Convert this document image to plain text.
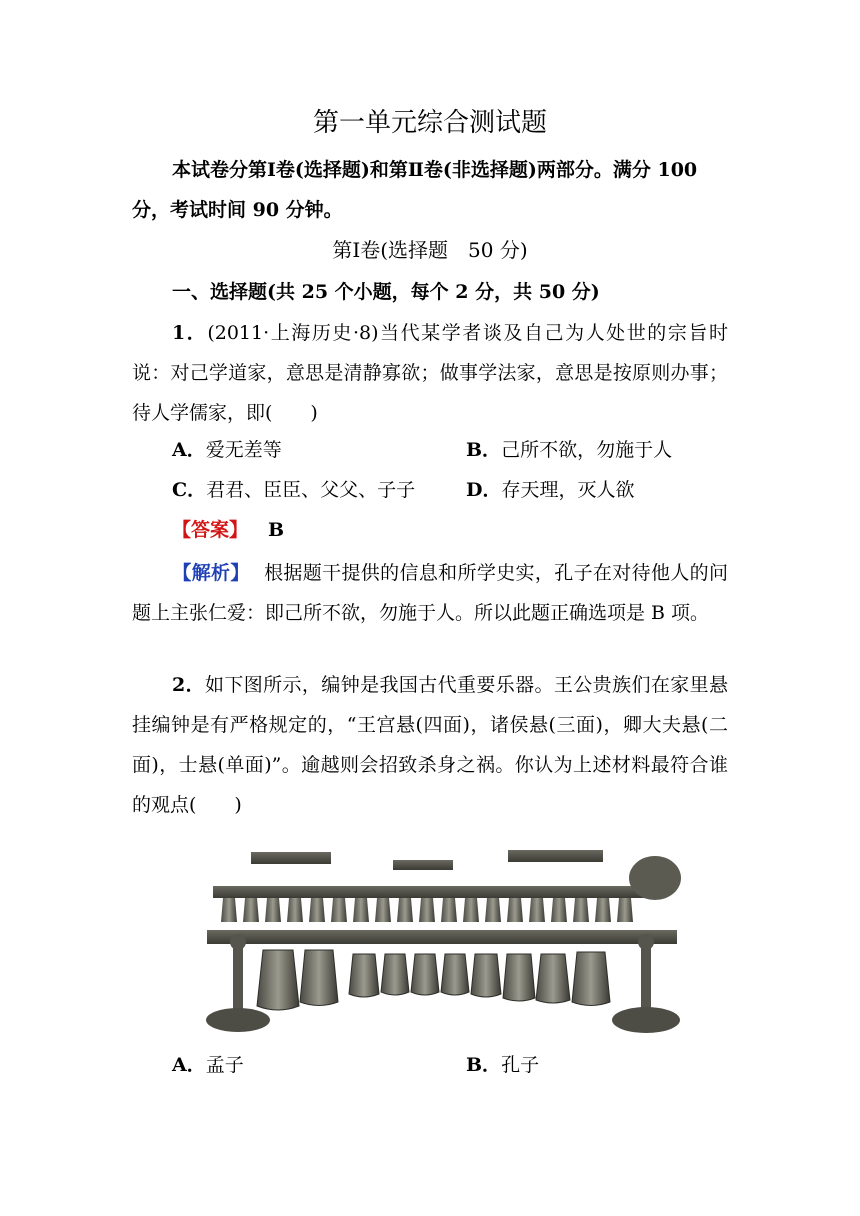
第一单元综合测试题
本试卷分第Ⅰ卷(选择题)和第Ⅱ卷(非选择题)两部分。满分 100
分，考试时间 90 分钟。
第Ⅰ卷(选择题　50 分)
一、选择题(共 25 个小题，每个 2 分，共 50 分)
1．(2011·上海历史·8)当代某学者谈及自己为人处世的宗旨时说：对己学道家，意思是清静寡欲；做事学法家，意思是按原则办事；待人学儒家，即(　　)
A．爱无差等	B．己所不欲，勿施于人
C．君君、臣臣、父父、子子	D．存天理，灭人欲
【答案】 B
【解析】 根据题干提供的信息和所学史实，孔子在对待他人的问题上主张仁爱：即己所不欲，勿施于人。所以此题正确选项是 B 项。
2．如下图所示，编钟是我国古代重要乐器。王公贵族们在家里悬挂编钟是有严格规定的，“王宫悬(四面)，诸侯悬(三面)，卿大夫悬(二面)，士悬(单面)”。逾越则会招致杀身之祸。你认为上述材料最符合谁的观点(　　)
A．孟子	B．孔子
